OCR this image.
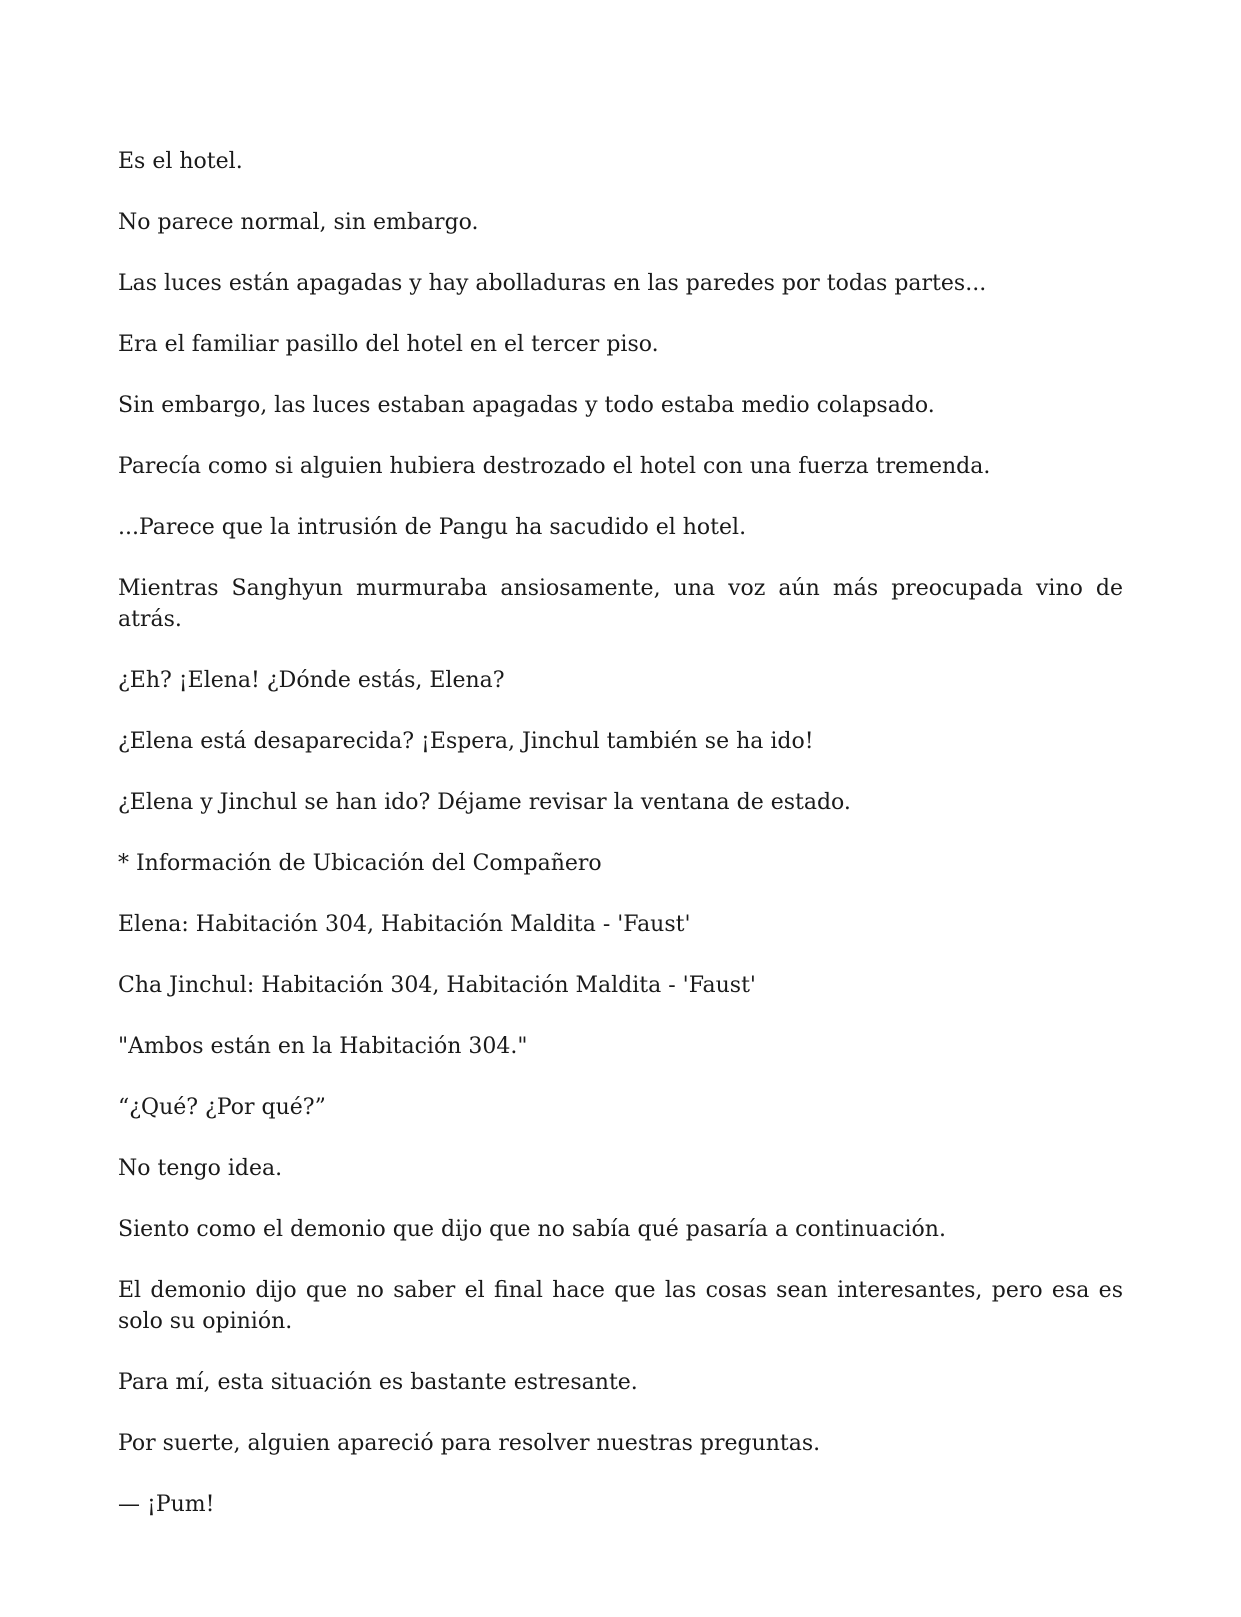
Es el hotel.

No parece normal, sin embargo.

Las luces están apagadas y hay abolladuras en las paredes por todas partes...

Era el familiar pasillo del hotel en el tercer piso.

Sin embargo, las luces estaban apagadas y todo estaba medio colapsado.

Parecía como si alguien hubiera destrozado el hotel con una fuerza tremenda.

...Parece que la intrusión de Pangu ha sacudido el hotel.

Mientras Sanghyun murmuraba ansiosamente, una voz aún más preocupada vino de atrás.

¿Eh? ¡Elena! ¿Dónde estás, Elena?

¿Elena está desaparecida? ¡Espera, Jinchul también se ha ido!

¿Elena y Jinchul se han ido? Déjame revisar la ventana de estado.

* Información de Ubicación del Compañero

Elena: Habitación 304, Habitación Maldita - 'Faust'

Cha Jinchul: Habitación 304, Habitación Maldita - 'Faust'

"Ambos están en la Habitación 304."

“¿Qué? ¿Por qué?”

No tengo idea.

Siento como el demonio que dijo que no sabía qué pasaría a continuación.

El demonio dijo que no saber el final hace que las cosas sean interesantes, pero esa es solo su opinión.

Para mí, esta situación es bastante estresante.

Por suerte, alguien apareció para resolver nuestras preguntas.

— ¡Pum!
